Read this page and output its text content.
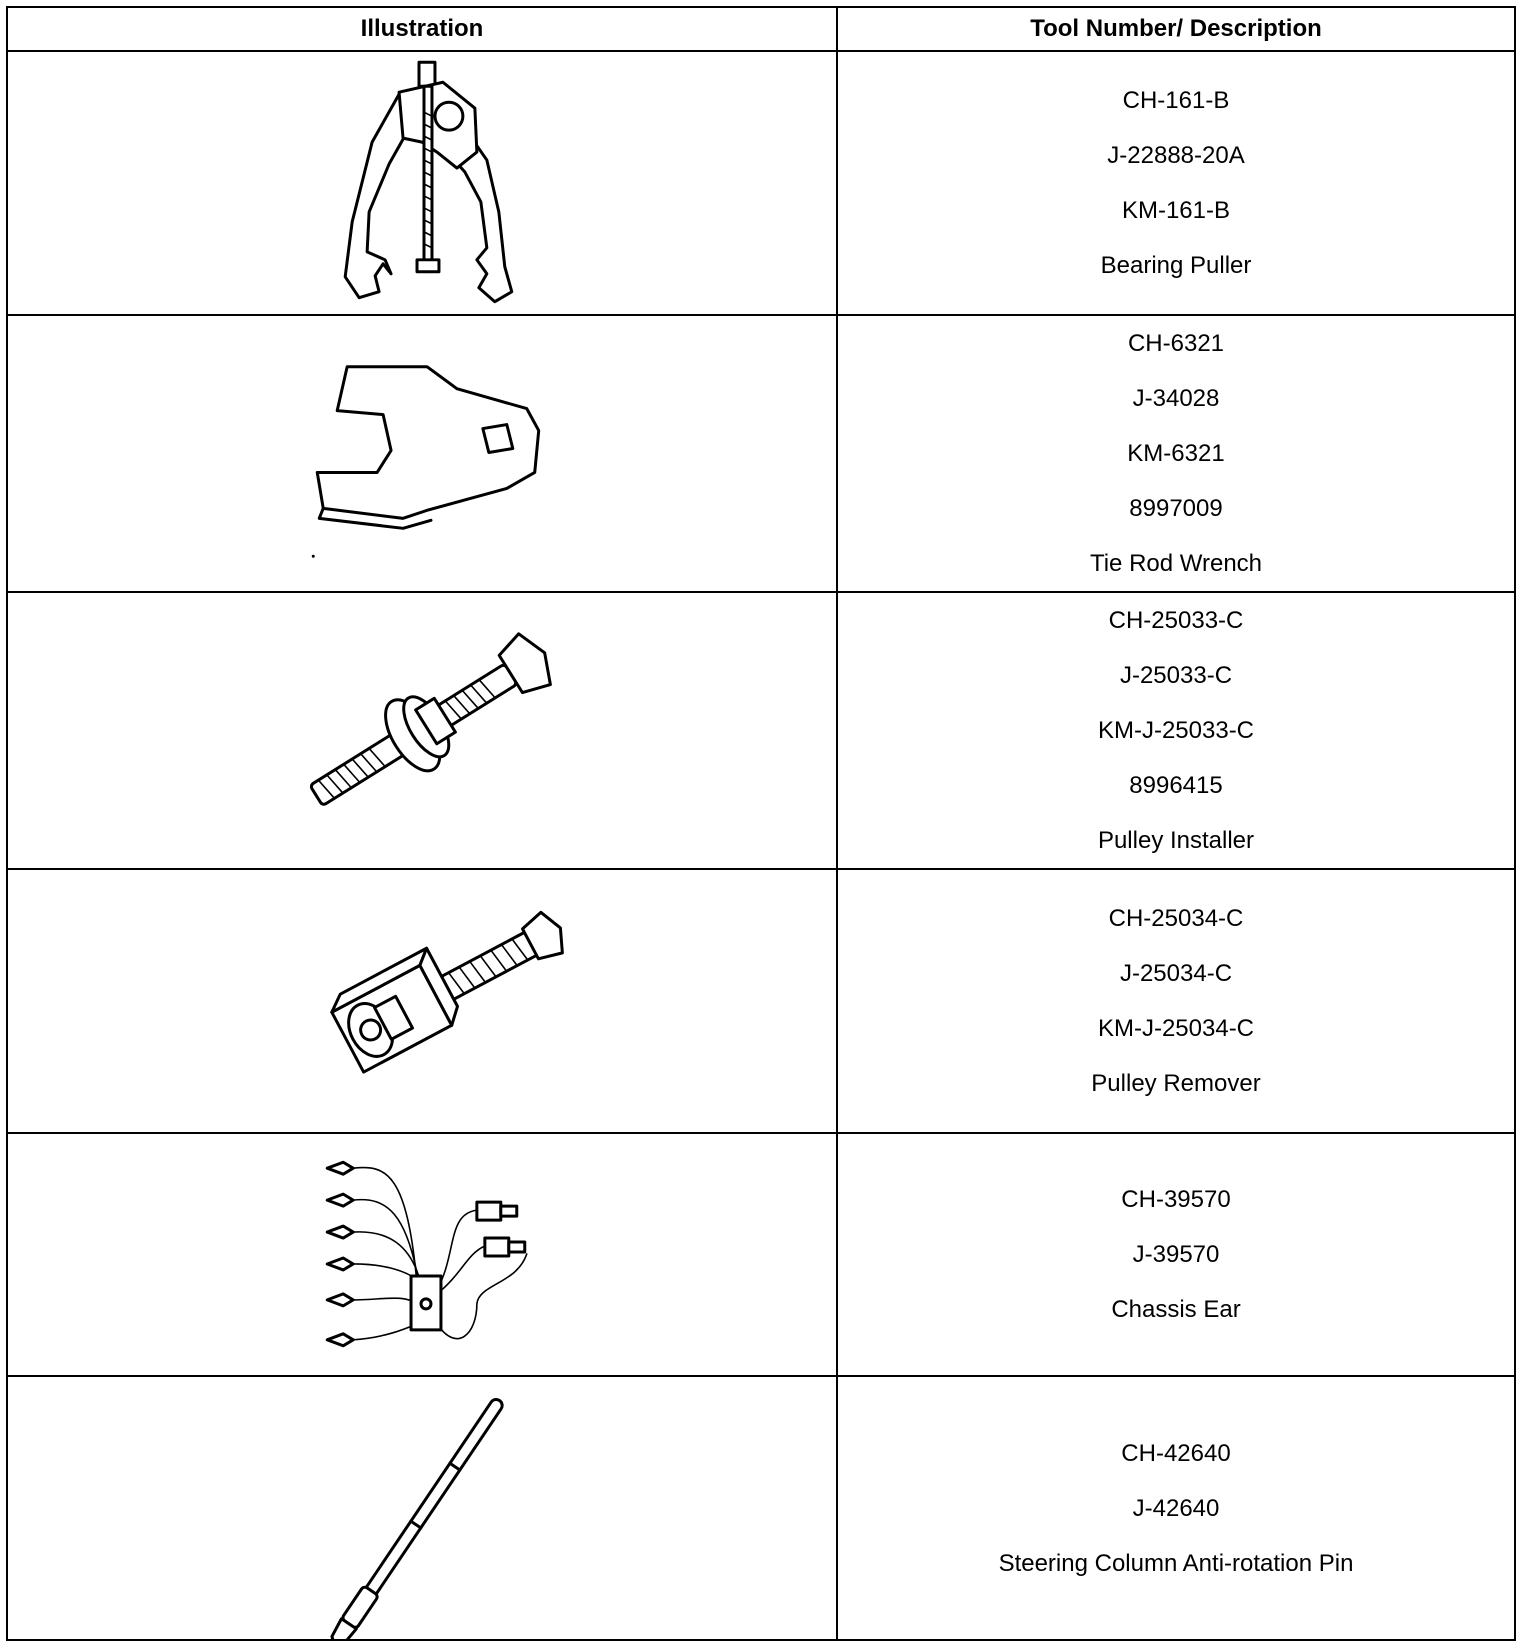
Illustration	Tool Number/ Description

CH-161-B
J-22888-20A
KM-161-B
Bearing Puller

CH-6321
J-34028
KM-6321
8997009
Tie Rod Wrench

CH-25033-C
J-25033-C
KM-J-25033-C
8996415
Pulley Installer

CH-25034-C
J-25034-C
KM-J-25034-C
Pulley Remover

CH-39570
J-39570
Chassis Ear

CH-42640
J-42640
Steering Column Anti-rotation Pin
